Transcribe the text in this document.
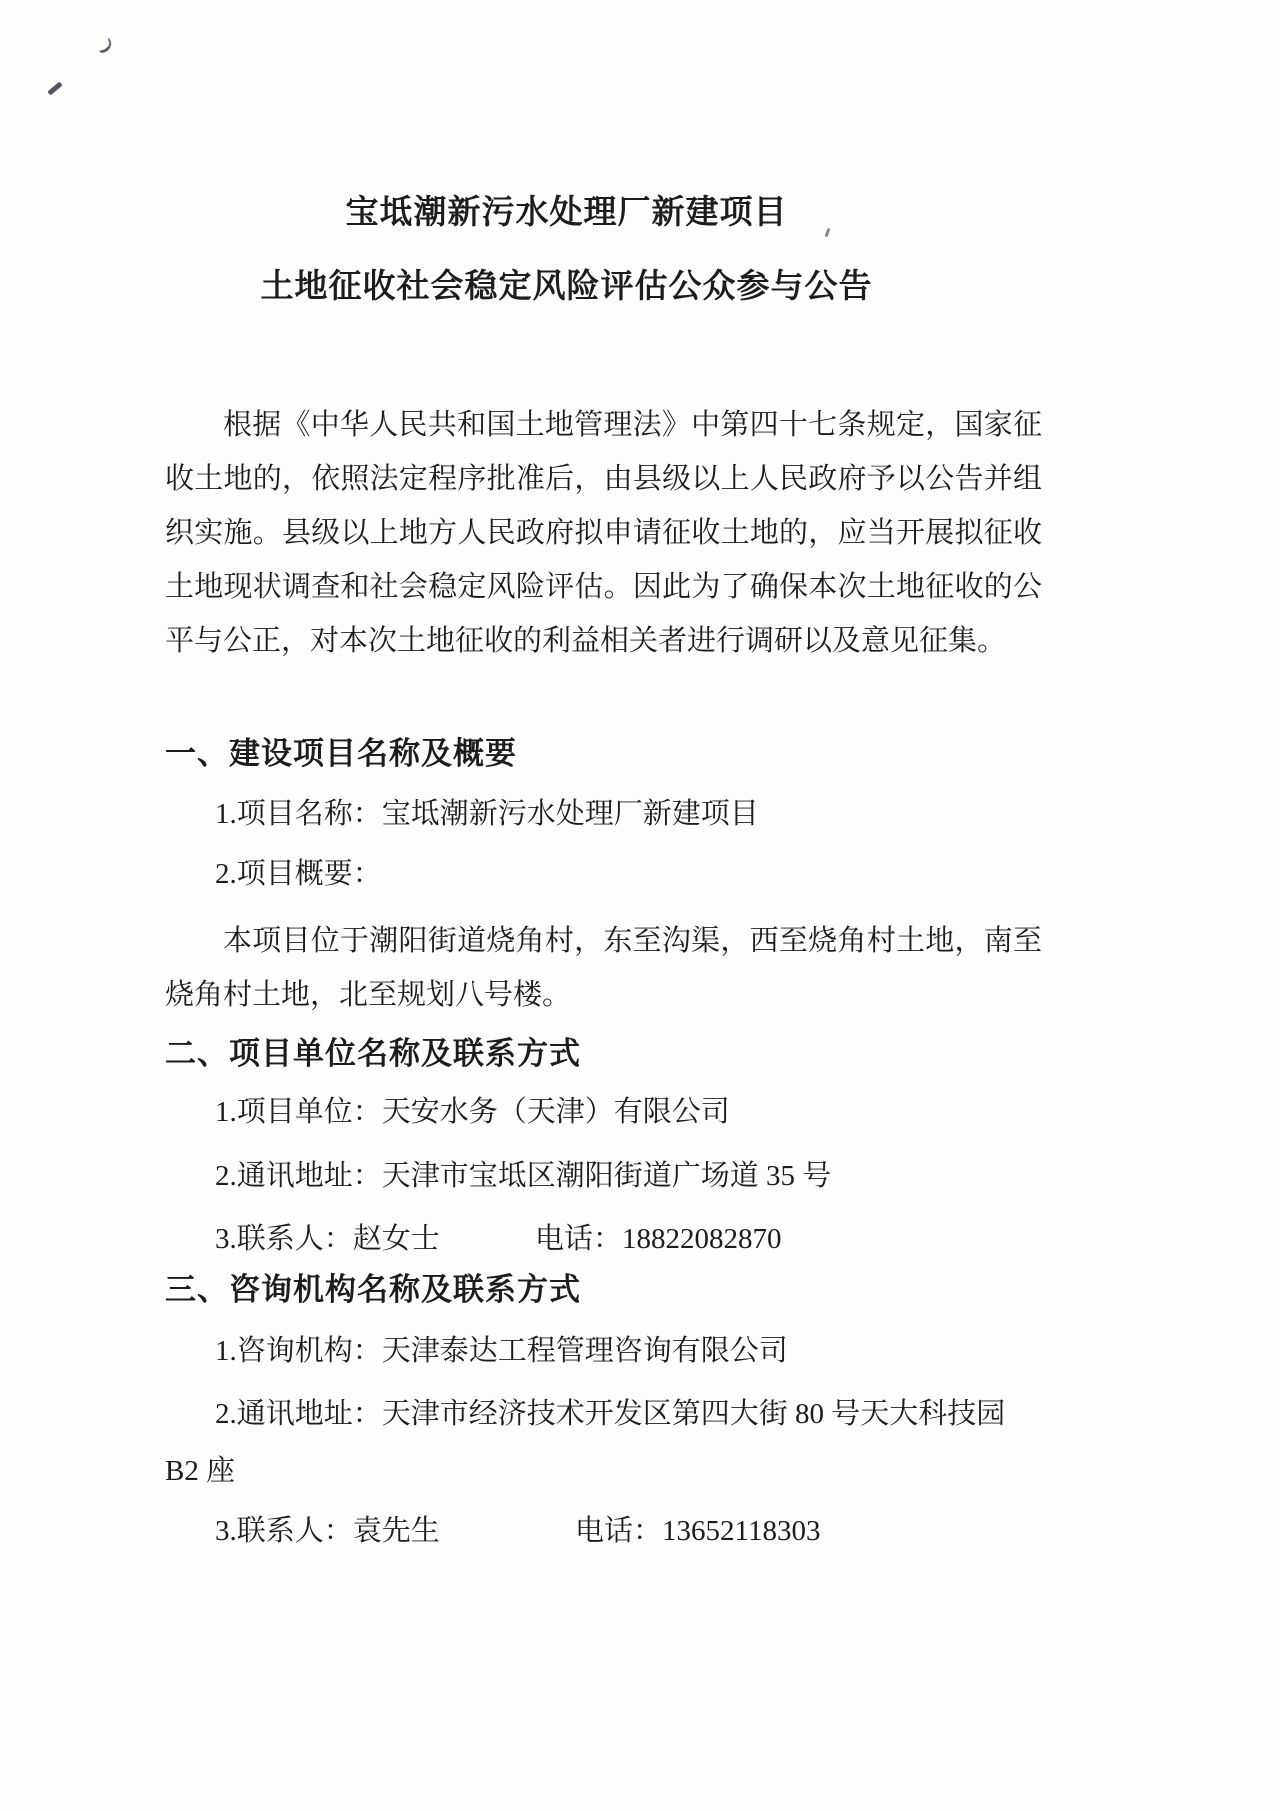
宝坻潮新污水处理厂新建项目
土地征收社会稳定风险评估公众参与公告

根据《中华人民共和国土地管理法》中第四十七条规定，国家征收土地的，依照法定程序批准后，由县级以上人民政府予以公告并组织实施。县级以上地方人民政府拟申请征收土地的，应当开展拟征收土地现状调查和社会稳定风险评估。因此为了确保本次土地征收的公平与公正，对本次土地征收的利益相关者进行调研以及意见征集。

一、建设项目名称及概要

1.项目名称：宝坻潮新污水处理厂新建项目

2.项目概要：

本项目位于潮阳街道烧角村，东至沟渠，西至烧角村土地，南至烧角村土地，北至规划八号楼。

二、项目单位名称及联系方式

1.项目单位：天安水务（天津）有限公司

2.通讯地址：天津市宝坻区潮阳街道广场道 35 号

3.联系人：赵女士	电话：18822082870

三、咨询机构名称及联系方式

1.咨询机构：天津泰达工程管理咨询有限公司

2.通讯地址：天津市经济技术开发区第四大街 80 号天大科技园

B2 座

3.联系人：袁先生	电话：13652118303
